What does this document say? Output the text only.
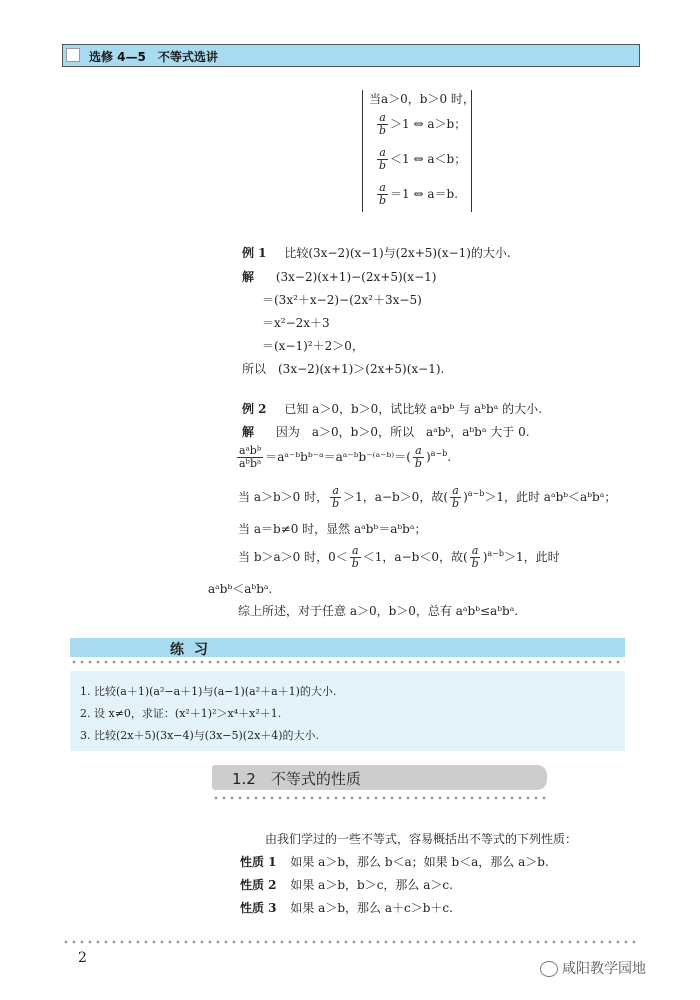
选修 4—5　不等式选讲
当a＞0，b＞0 时，
$\frac{a}{b} >1$ ⇔ a＞b；
$\frac{a}{b} <1$ ⇔ a＜b；
$\frac{a}{b} =1$ ⇔ a＝b.
例 1 比较(3x−2)(x−1)与(2x+5)(x−1)的大小.
解 (3x−2)(x+1)−(2x+5)(x−1)
＝(3x²＋x−2)−(2x²＋3x−5)
＝x²−2x＋3
＝(x−1)²＋2＞0，
所以　(3x−2)(x+1)＞(2x+5)(x−1).
例 2 已知 a＞0，b＞0，试比较 aᵃbᵇ 与 aᵇbᵃ 的大小.
解 因为　a＞0，b＞0，所以　aᵃbᵇ，aᵇbᵃ 大于 0.
$\frac{\text{aᵃbᵇ}}{\text{aᵇbᵃ}}$ ＝aᵃ⁻ᵇbᵇ⁻ᵃ＝aᵃ⁻ᵇb⁻⁽ᵃ⁻ᵇ⁾＝( $\frac{a}{b} )^{a-b}$.
当 a＞b＞0 时， $\frac{a}{b} >1$，a−b＞0，故( $\frac{a}{b} )^{a-b}>1$，此时 aᵃbᵇ＜aᵇbᵃ；
当 a＝b≠0 时，显然 aᵃbᵇ＝aᵇbᵃ；
当 b＞a＞0 时，$0< \frac{a}{b} <1$，a−b＜0，故( $\frac{a}{b} )^{a-b}>1$，此时
aᵃbᵇ＜aᵇbᵃ.
综上所述，对于任意 a＞0，b＞0，总有 aᵃbᵇ≤aᵇbᵃ.
练习
1. 比较(a＋1)(a²−a＋1)与(a−1)(a²＋a＋1)的大小.
2. 设 x≠0，求证：(x²＋1)²＞x⁴＋x²＋1.
3. 比较(2x＋5)(3x−4)与(3x−5)(2x＋4)的大小.
1.2　不等式的性质
由我们学过的一些不等式，容易概括出不等式的下列性质：
性质 1 如果 a＞b，那么 b＜a；如果 b＜a，那么 a＞b.
性质 2 如果 a＞b，b＞c，那么 a＞c.
性质 3 如果 a＞b，那么 a＋c＞b＋c.
2
咸阳教学园地
